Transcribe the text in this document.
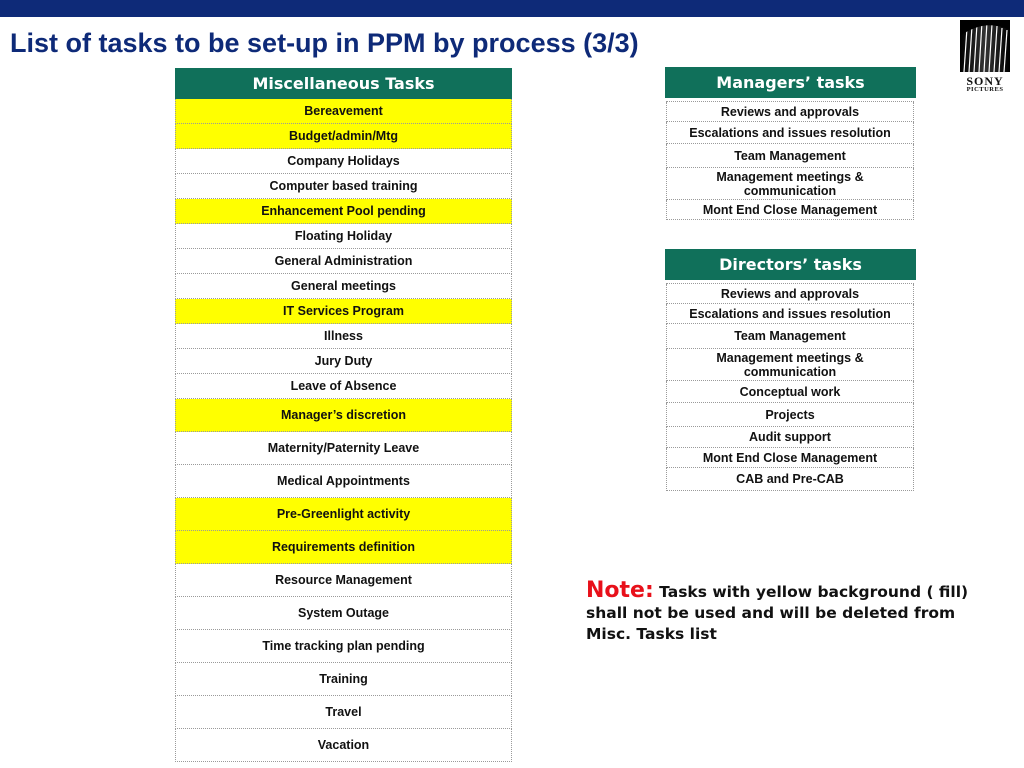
List of tasks to be set-up in PPM by process (3/3)
SONY
PICTURES
Miscellaneous Tasks
Bereavement
Budget/admin/Mtg
Company Holidays
Computer based training
Enhancement Pool pending
Floating Holiday
General Administration
General meetings
IT Services Program
Illness
Jury Duty
Leave of Absence
Manager’s discretion
Maternity/Paternity Leave
Medical Appointments
Pre-Greenlight activity
Requirements definition
Resource Management
System Outage
Time tracking plan pending
Training
Travel
Vacation
Managers’ tasks
Reviews and approvals
Escalations and issues resolution
Team Management
Management meetings & communication
Mont End Close Management
Directors’ tasks
Reviews and approvals
Escalations and issues resolution
Team Management
Management meetings & communication
Conceptual work
Projects
Audit support
Mont End Close Management
CAB and Pre-CAB
Note: Tasks with yellow background ( fill) shall not be used and will be deleted from Misc. Tasks list
